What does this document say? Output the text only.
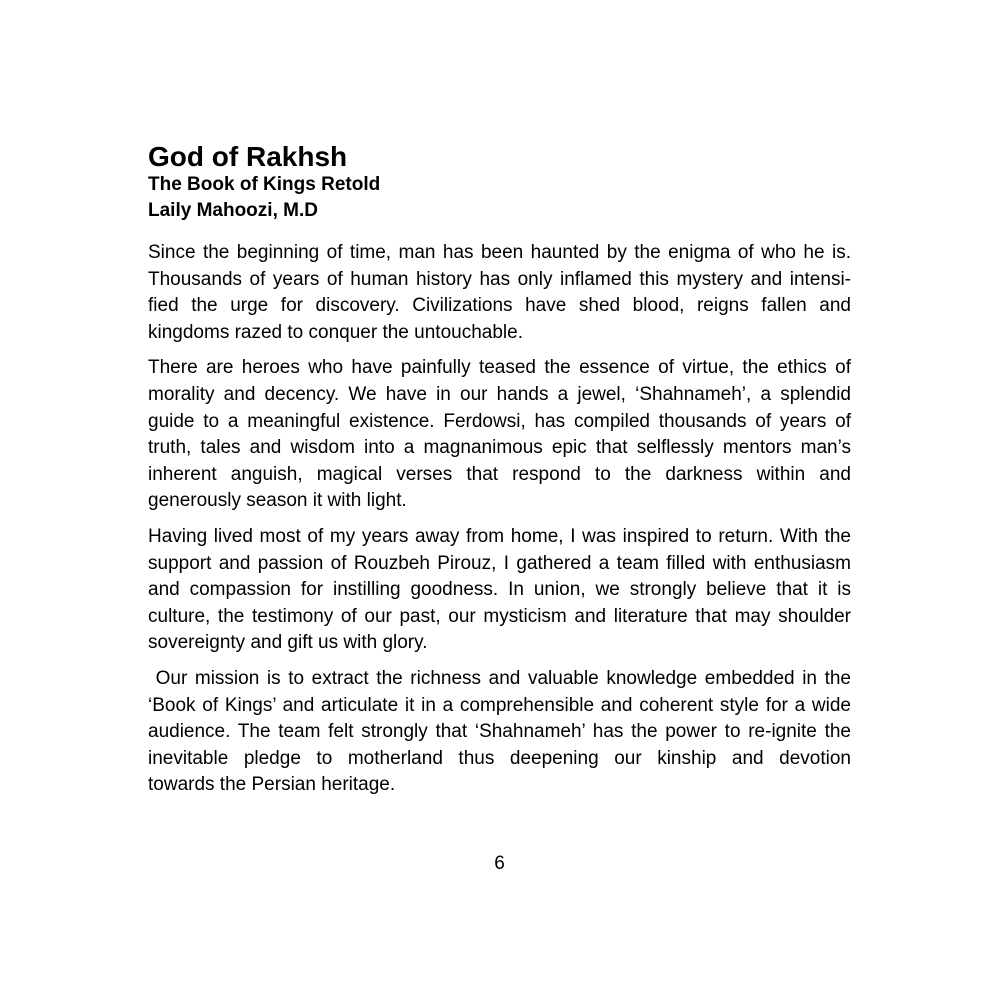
God of Rakhsh
The Book of Kings Retold
Laily Mahoozi, M.D
Since the beginning of time, man has been haunted by the enigma of who he is.
Thousands of years of human history has only inflamed this mystery and intensi-
fied the urge for discovery. Civilizations have shed blood, reigns fallen and
kingdoms razed to conquer the untouchable.
There are heroes who have painfully teased the essence of virtue, the ethics of
morality and decency. We have in our hands a jewel, ‘Shahnameh’, a splendid
guide to a meaningful existence. Ferdowsi, has compiled thousands of years of
truth, tales and wisdom into a magnanimous epic that selflessly mentors man’s
inherent anguish, magical verses that respond to the darkness within and
generously season it with light.
Having lived most of my years away from home, I was inspired to return. With the
support and passion of Rouzbeh Pirouz, I gathered a team filled with enthusiasm
and compassion for instilling goodness. In union, we strongly believe that it is
culture, the testimony of our past, our mysticism and literature that may shoulder
sovereignty and gift us with glory.
Our mission is to extract the richness and valuable knowledge embedded in the
‘Book of Kings’ and articulate it in a comprehensible and coherent style for a wide
audience. The team felt strongly that ‘Shahnameh’ has the power to re-ignite the
inevitable pledge to motherland thus deepening our kinship and devotion
towards the Persian heritage.
6
